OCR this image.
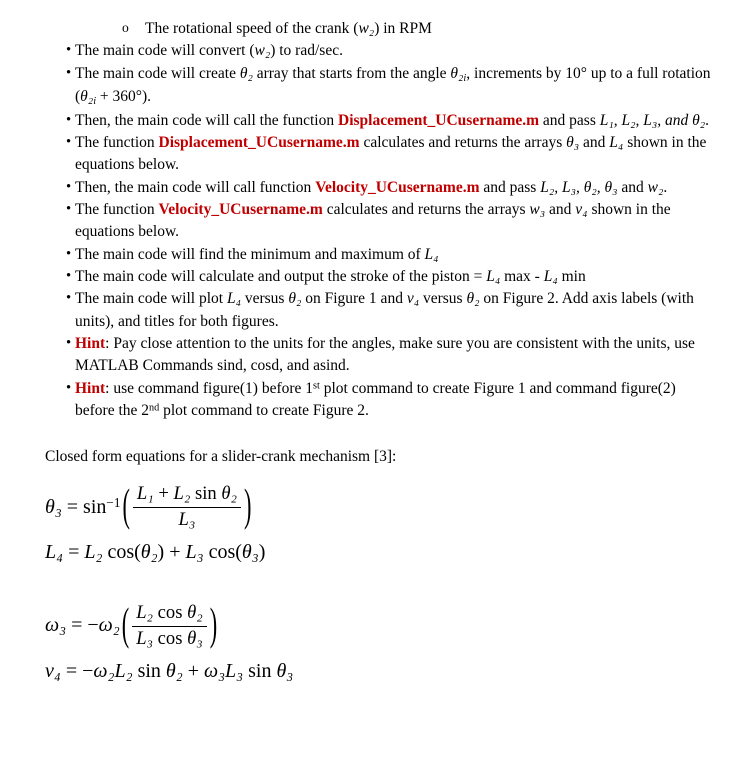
o	The rotational speed of the crank (w₂) in RPM
• The main code will convert (w₂) to rad/sec.
• The main code will create θ₂ array that starts from the angle θ₂i, increments by 10° up to a full rotation (θ₂i + 360°).
• Then, the main code will call the function Displacement_UCusername.m and pass L₁, L₂, L₃, and θ₂.
• The function Displacement_UCusername.m calculates and returns the arrays θ₃ and L₄ shown in the equations below.
• Then, the main code will call function Velocity_UCusername.m and pass L₂, L₃, θ₂, θ₃ and w₂.
• The function Velocity_UCusername.m calculates and returns the arrays w₃ and v₄ shown in the equations below.
• The main code will find the minimum and maximum of L₄
• The main code will calculate and output the stroke of the piston = L₄ max - L₄ min
• The main code will plot L₄ versus θ₂ on Figure 1 and v₄ versus θ₂ on Figure 2. Add axis labels (with units), and titles for both figures.
• Hint: Pay close attention to the units for the angles, make sure you are consistent with the units, use MATLAB Commands sind, cosd, and asind.
• Hint: use command figure(1) before 1st plot command to create Figure 1 and command figure(2) before the 2nd plot command to create Figure 2.

Closed form equations for a slider-crank mechanism [3]:

$\theta_3 = \sin^{-1}$ ( $\frac{\text{L₁ + L₂ sin θ₂}}{\text{L₃}}$ )
L₄ = L₂ cos(θ₂) + L₃ cos(θ₃)
ω₃ = −ω₂ ( $\frac{\text{L₂ cos θ₂}}{\text{L₃ cos θ₃}}$ )
v₄ = −ω₂L₂ sin θ₂ + ω₃L₃ sin θ₃
